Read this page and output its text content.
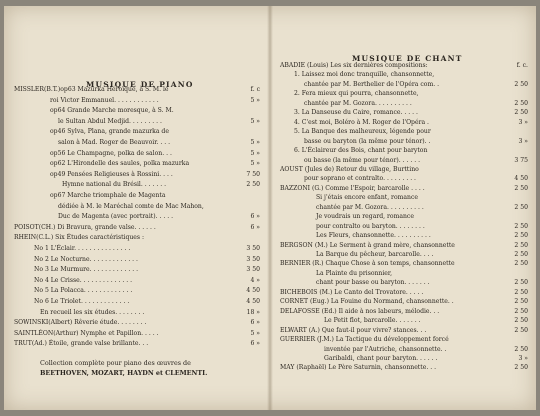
MUSIQUE DE PIANO
MISSLER(B.T.)op63 Mazurka Héroïque, à S. M. le	f. c
roi Victor Emmanuel. . . . . . . . . . . .	5 »
op64 Grande Marche moresque, à S. M.
le Sultan Abdul Medjid. . . . . . . . .	5 »
op46 Sylva, Plana, grande mazurka de
salon à Mad. Roger de Beauvoir. . . .	5 »
op56 Le Champagne, polka de salon. . .	5 »
op62 L'Hirondelle des saules, polka mazurka	5 »
op49 Pensées Religieuses à Rossini. . . .	7 50
Hymne national du Brésil. . . . . . .	2 50
op67 Marche triomphale de Magenta
dédiée à M. le Maréchal comte de Mac Mahon,
Duc de Magenta (avec portrait). . . . .	6 »
POISOT(CH.) Di Bravura, grande valse. . . . . .	6 »
RHEIN(C.L.) Six Études caractéristiques :
No 1 L'Éclair. . . . . . . . . . . . . . .	3 50
No 2 Le Nocturne. . . . . . . . . . . . .	3 50
No 3 Le Murmure. . . . . . . . . . . . .	3 50
No 4 Le Crisse. . . . . . . . . . . . . .	4 »
No 5 La Polacca. . . . . . . . . . . . .	4 50
No 6 Le Triolet. . . . . . . . . . . . .	4 50
En recueil les six études. . . . . . . .	18 »
SOWINSKI(Albert) Rêverie étude. . . . . . . .	6 »
SAINTLÉON(Arthur) Nymphe et Papillon. . . . .	5 »
TRUT(Ad.) Étoile, grande valse brillante. . .	6 »
Collection complète pour piano des œuvres de
BEETHOVEN, MOZART, HAYDN et CLEMENTI.
MUSIQUE DE CHANT
ABADIE (Louis) Les six dernières compositions:	f. c.
1. Laissez moi donc tranquille, chansonnette,
chantée par M. Berthelier de l'Opéra com. .	2 50
2. Fera mieux qui pourra, chansonnette,
chantée par M. Gozora. . . . . . . . . .	2 50
3. La Danseuse du Caire, romance. . . . .	2 50
4. C'est moi, Boléro à M. Roger de l'Opéra .	3 »
5. La Banque des malheureux, légende pour
basse ou baryton (la même pour ténor). .	3 »
6. L'Éclaireur des Bois, chant pour baryton
ou basse (la même pour ténor). . . . . .	3 75
AOUST (Jules de) Retour du village, Burttino
pour soprano et contralto. . . . . . . . .	4 50
BAZZONI (G.) Comme l'Espoir, barcarolle . . . .	2 50
Si j'étais encore enfant, romance
chantée par M. Gozora. . . . . . . . . .	2 50
Je voudrais un regard, romance
pour contralto ou baryton. . . . . . . .	2 50
Les Fleurs, chansonnette. . . . . . . . . .	2 50
BERGSON (M.) Le Serment à grand mère, chansonnette	2 50
La Barque du pêcheur, barcarolle. . . .	2 50
BERNIER (R.) Chaque Chose à son temps, chansonnette	2 50
La Plainte du prisonnier,
chant pour basse ou baryton. . . . . . .	2 50
BICHEBOIS (M.) Le Canto del Trovatore. . . . .	2 50
CORNET (Eug.) La Fouine du Normand, chansonnette. .	2 50
DELAFOSSE (Ed.) Il aide à nos labeurs, mélodie. . .	2 50
Le Petit flot, barcarolle. . . . . . .	2 50
ELWART (A.) Que faut-il pour vivre? stances. . .	2 50
GUERRIER (J.M.) La Tactique du développement forcé
inventée par l'Autriche, chansonnette. .	2 50
Garibaldi, chant pour baryton. . . . . .	3 »
MAY (Raphaël) Le Père Saturnin, chansonnette. . .	2 50
